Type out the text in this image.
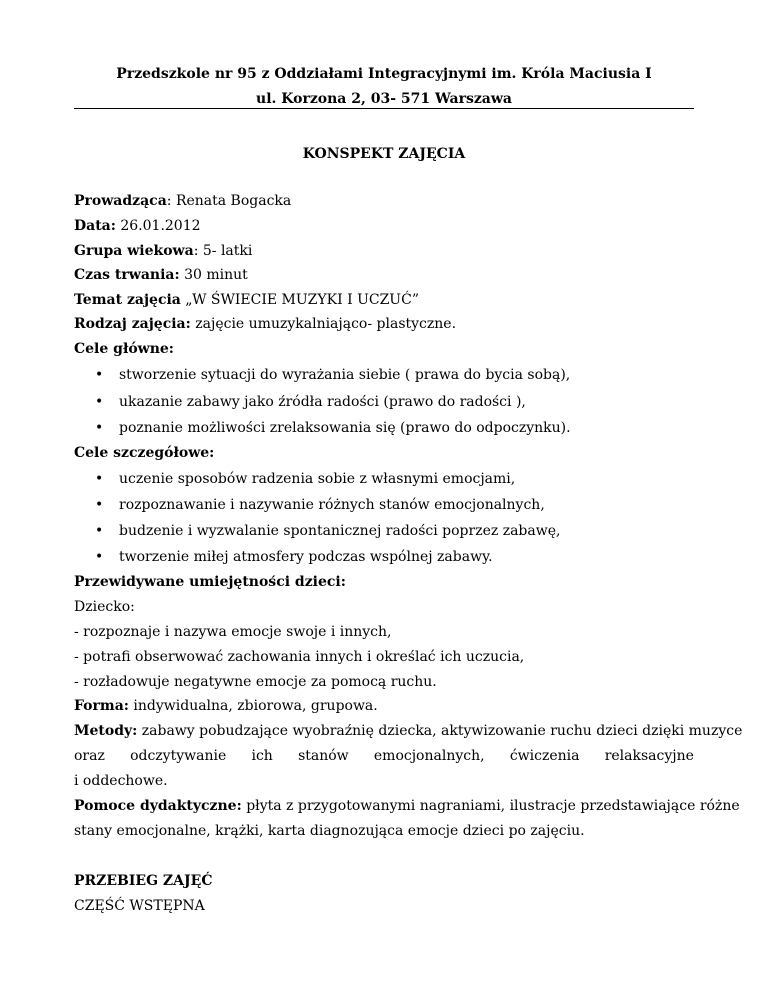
Przedszkole nr 95 z Oddziałami Integracyjnymi im. Króla Maciusia I
ul. Korzona 2, 03- 571 Warszawa
KONSPEKT ZAJĘCIA
Prowadząca: Renata Bogacka
Data: 26.01.2012
Grupa wiekowa: 5- latki
Czas trwania: 30 minut
Temat zajęcia „W ŚWIECIE MUZYKI I UCZUĆ”
Rodzaj zajęcia: zajęcie umuzykalniająco- plastyczne.
Cele główne:
•
stworzenie sytuacji do wyrażania siebie ( prawa do bycia sobą),
•
ukazanie zabawy jako źródła radości (prawo do radości ),
•
poznanie możliwości zrelaksowania się (prawo do odpoczynku).
Cele szczegółowe:
•
uczenie sposobów radzenia sobie z własnymi emocjami,
•
rozpoznawanie i nazywanie różnych stanów emocjonalnych,
•
budzenie i wyzwalanie spontanicznej radości poprzez zabawę,
•
tworzenie miłej atmosfery podczas wspólnej zabawy.
Przewidywane umiejętności dzieci:
Dziecko:
- rozpoznaje i nazywa emocje swoje i innych,
- potrafi obserwować zachowania innych i określać ich uczucia,
- rozładowuje negatywne emocje za pomocą ruchu.
Forma: indywidualna, zbiorowa, grupowa.
Metody: zabawy pobudzające wyobraźnię dziecka, aktywizowanie ruchu dzieci dzięki muzyce
oraz odczytywanie ich stanów emocjonalnych, ćwiczenia relaksacyjne
i oddechowe.
Pomoce dydaktyczne: płyta z przygotowanymi nagraniami, ilustracje przedstawiające różne
stany emocjonalne, krążki, karta diagnozująca emocje dzieci po zajęciu.
PRZEBIEG ZAJĘĆ
CZĘŚĆ WSTĘPNA
